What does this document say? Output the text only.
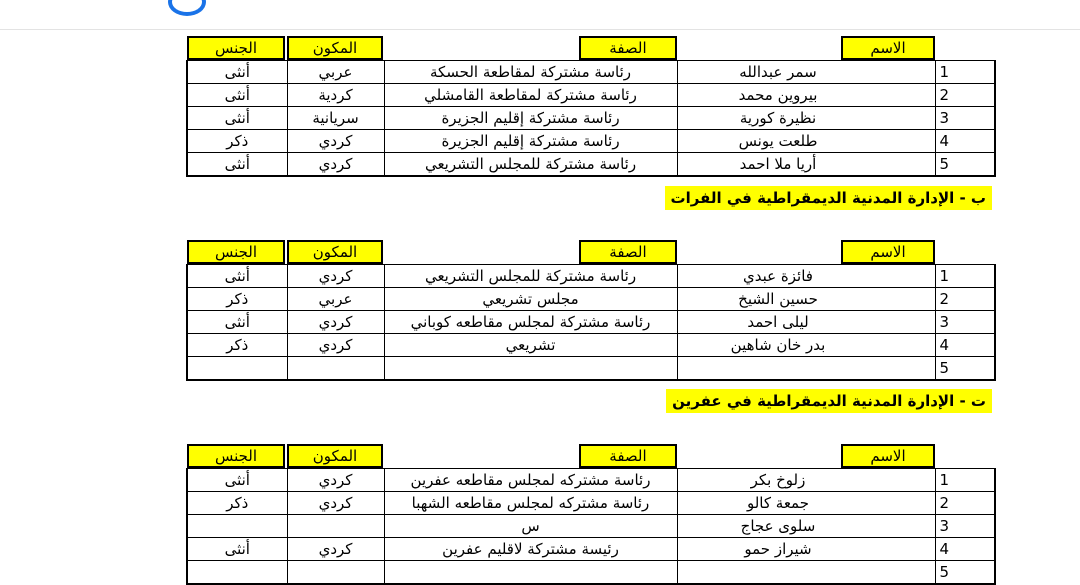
الجنس	المكون	الصفة	الاسم	
أنثى	عربي	رئاسة مشتركة لمقاطعة الحسكة	سمر عبدالله	1
أنثى	كردية	رئاسة مشتركة لمقاطعة القامشلي	بيروين محمد	2
أنثى	سريانية	رئاسة مشتركة إقليم الجزيرة	نظيرة كورية	3
ذكر	كردي	رئاسة مشتركة إقليم الجزيرة	طلعت يونس	4
أنثى	كردي	رئاسة مشتركة للمجلس التشريعي	أريا ملا احمد	5
ب - الإدارة المدنية الديمقراطية في الفرات
الجنس	المكون	الصفة	الاسم	
أنثى	كردي	رئاسة مشتركة للمجلس التشريعي	فائزة عبدي	1
ذكر	عربي	مجلس تشريعي	حسين الشيخ	2
أنثى	كردي	رئاسة مشتركة لمجلس مقاطعه كوباني	ليلى احمد	3
ذكر	كردي	تشريعي	بدر خان شاهين	4
				5
ت - الإدارة المدنية الديمقراطية في عفرين
الجنس	المكون	الصفة	الاسم	
أنثى	كردي	رئاسة مشتركه لمجلس مقاطعه عفرين	زلوخ بكر	1
ذكر	كردي	رئاسة مشتركه لمجلس مقاطعه الشهبا	جمعة كالو	2
		س	سلوى عجاج	3
أنثى	كردي	رئيسة مشتركة لاقليم عفرين	شيراز حمو	4
				5
